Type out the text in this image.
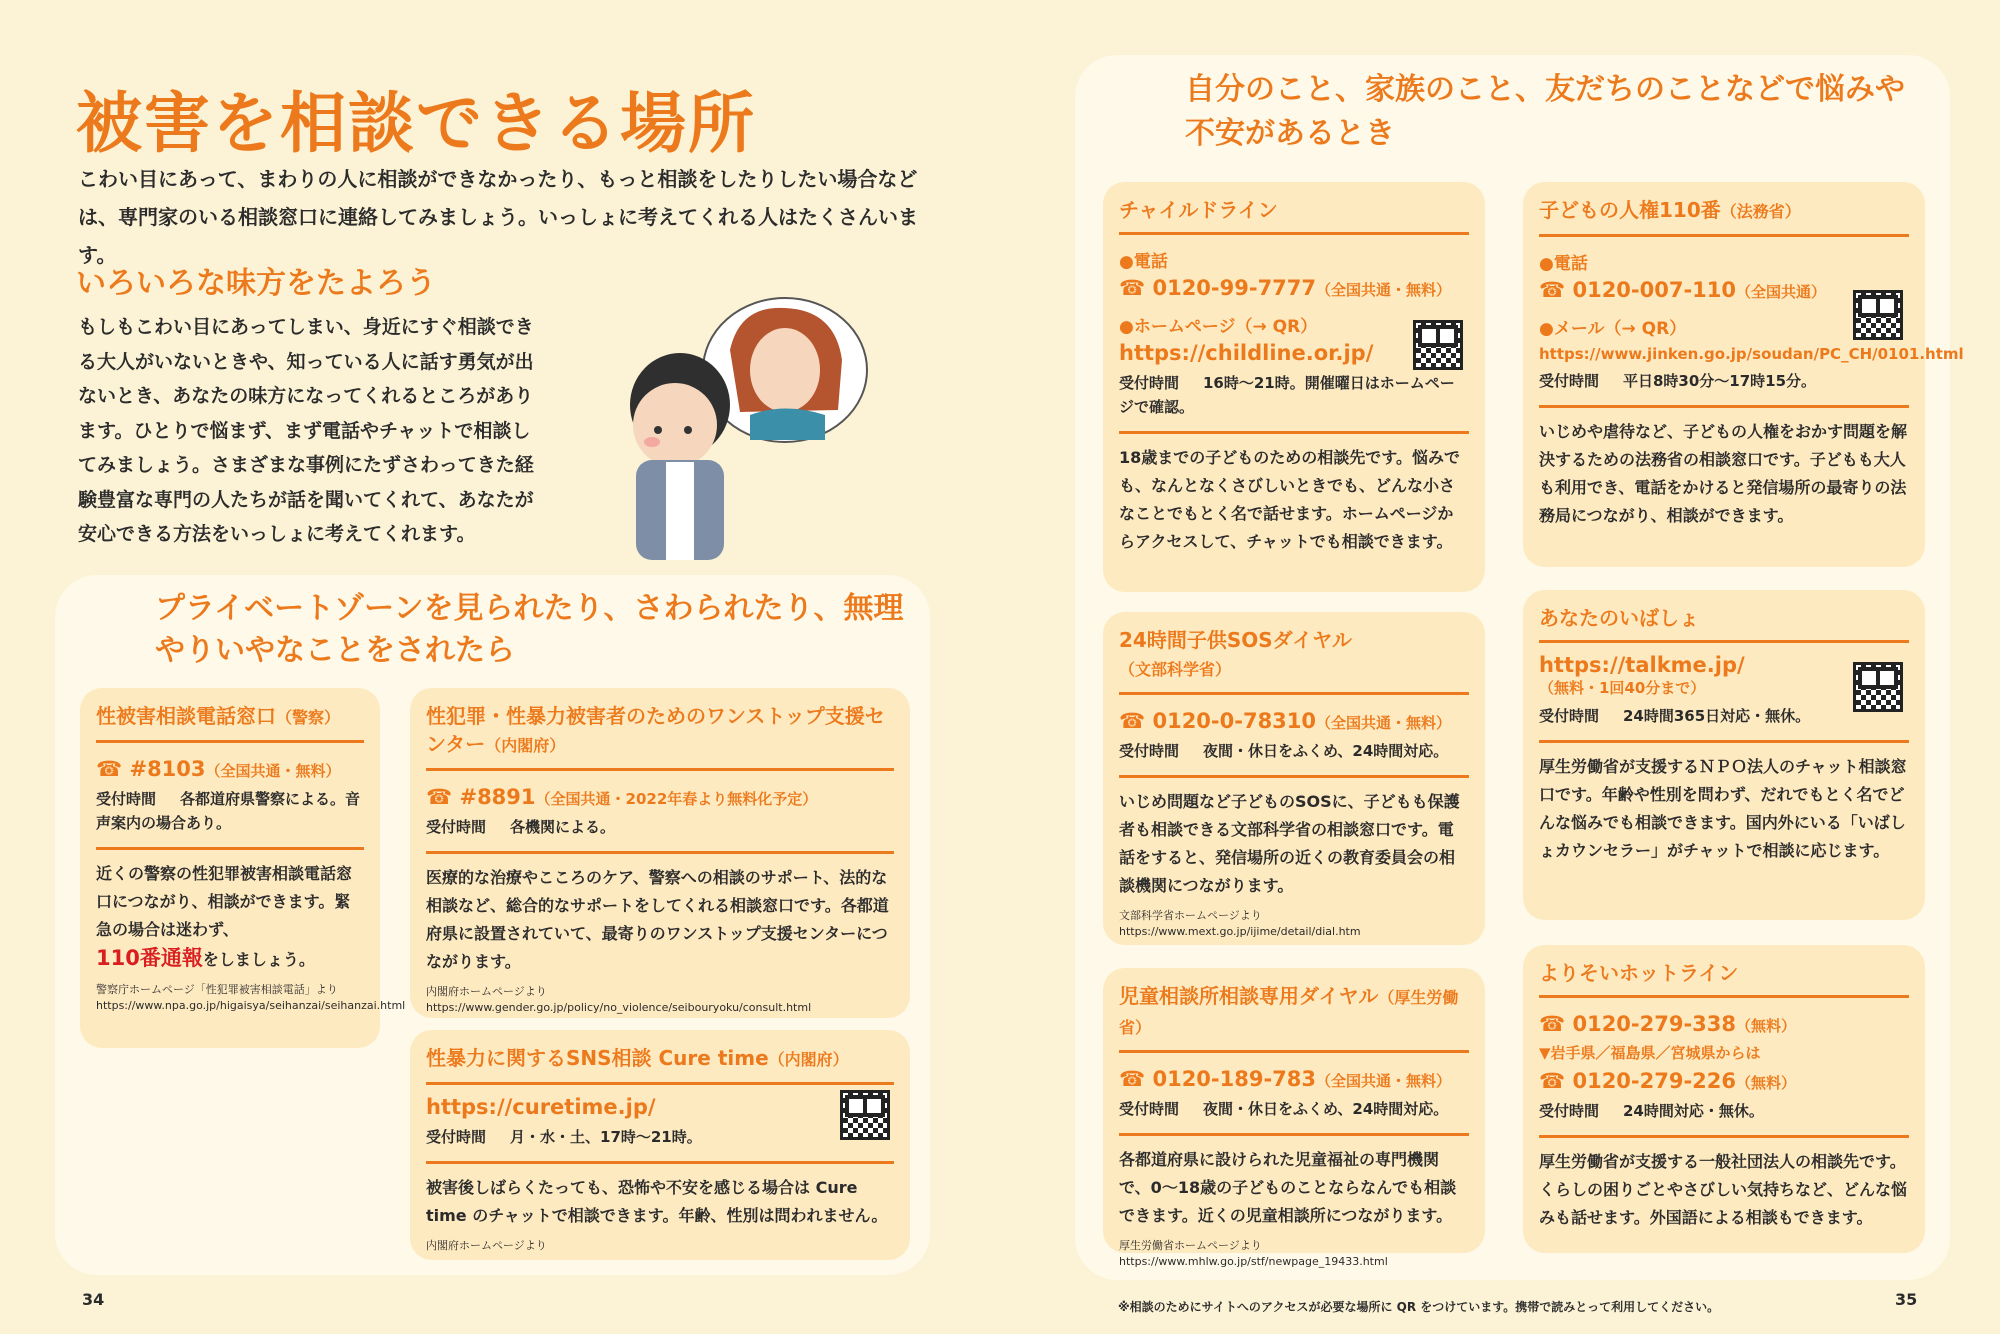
被害を相談できる場所

こわい目にあって、まわりの人に相談ができなかったり、もっと相談をしたりしたい場合などは、専門家のいる相談窓口に連絡してみましょう。いっしょに考えてくれる人はたくさんいます。

いろいろな味方をたよろう

もしもこわい目にあってしまい、身近にすぐ相談できる大人がいないときや、知っている人に話す勇気が出ないとき、あなたの味方になってくれるところがあります。ひとりで悩まず、まず電話やチャットで相談してみましょう。さまざまな事例にたずさわってきた経験豊富な専門の人たちが話を聞いてくれて、あなたが安心できる方法をいっしょに考えてくれます。

プライベートゾーンを見られたり、さわられたり、無理やりいやなことをされたら
性被害相談電話窓口（警察）
☎ #8103（全国共通・無料）
受付時間 各都道府県警察による。音声案内の場合あり。
近くの警察の性犯罪被害相談電話窓口につながり、相談ができます。緊急の場合は迷わず、
110番通報をしましょう。
警察庁ホームページ「性犯罪被害相談電話」より
https://www.npa.go.jp/higaisya/seihanzai/seihanzai.html
性犯罪・性暴力被害者のためのワンストップ支援センター（内閣府）
☎ #8891（全国共通・2022年春より無料化予定）
受付時間 各機関による。
医療的な治療やこころのケア、警察への相談のサポート、法的な相談など、総合的なサポートをしてくれる相談窓口です。各都道府県に設置されていて、最寄りのワンストップ支援センターにつながります。
内閣府ホームページより
https://www.gender.go.jp/policy/no_violence/seibouryoku/consult.html
性暴力に関するSNS相談 Cure time（内閣府）
https://curetime.jp/
受付時間 月・水・土、17時〜21時。
被害後しばらくたっても、恐怖や不安を感じる場合は Cure time のチャットで相談できます。年齢、性別は問われません。
内閣府ホームページより
34
自分のこと、家族のこと、友だちのことなどで悩みや不安があるとき
チャイルドライン
●電話
☎ 0120-99-7777（全国共通・無料）
●ホームページ（→ QR）
https://childline.or.jp/
受付時間 16時〜21時。開催曜日はホームページで確認。
18歳までの子どものための相談先です。悩みでも、なんとなくさびしいときでも、どんな小さなことでもとく名で話せます。ホームページからアクセスして、チャットでも相談できます。
子どもの人権110番（法務省）
●電話
☎ 0120-007-110（全国共通）
●メール（→ QR）
https://www.jinken.go.jp/soudan/PC_CH/0101.html
受付時間 平日8時30分〜17時15分。
いじめや虐待など、子どもの人権をおかす問題を解決するための法務省の相談窓口です。子どもも大人も利用でき、電話をかけると発信場所の最寄りの法務局につながり、相談ができます。
24時間子供SOSダイヤル
（文部科学省）
☎ 0120-0-78310（全国共通・無料）
受付時間 夜間・休日をふくめ、24時間対応。
いじめ問題など子どものSOSに、子どもも保護者も相談できる文部科学省の相談窓口です。電話をすると、発信場所の近くの教育委員会の相談機関につながります。
文部科学省ホームページより
https://www.mext.go.jp/ijime/detail/dial.htm
あなたのいばしょ
https://talkme.jp/
（無料・1回40分まで）
受付時間 24時間365日対応・無休。
厚生労働省が支援するＮＰＯ法人のチャット相談窓口です。年齢や性別を問わず、だれでもとく名でどんな悩みでも相談できます。国内外にいる「いばしょカウンセラー」がチャットで相談に応じます。
児童相談所相談専用ダイヤル（厚生労働省）
☎ 0120-189-783（全国共通・無料）
受付時間 夜間・休日をふくめ、24時間対応。
各都道府県に設けられた児童福祉の専門機関で、0〜18歳の子どものことならなんでも相談できます。近くの児童相談所につながります。
厚生労働省ホームページより
https://www.mhlw.go.jp/stf/newpage_19433.html
よりそいホットライン
☎ 0120-279-338（無料）
▼岩手県／福島県／宮城県からは
☎ 0120-279-226（無料）
受付時間 24時間対応・無休。
厚生労働省が支援する一般社団法人の相談先です。くらしの困りごとやさびしい気持ちなど、どんな悩みも話せます。外国語による相談もできます。
※相談のためにサイトへのアクセスが必要な場所に QR をつけています。携帯で読みとって利用してください。	35
